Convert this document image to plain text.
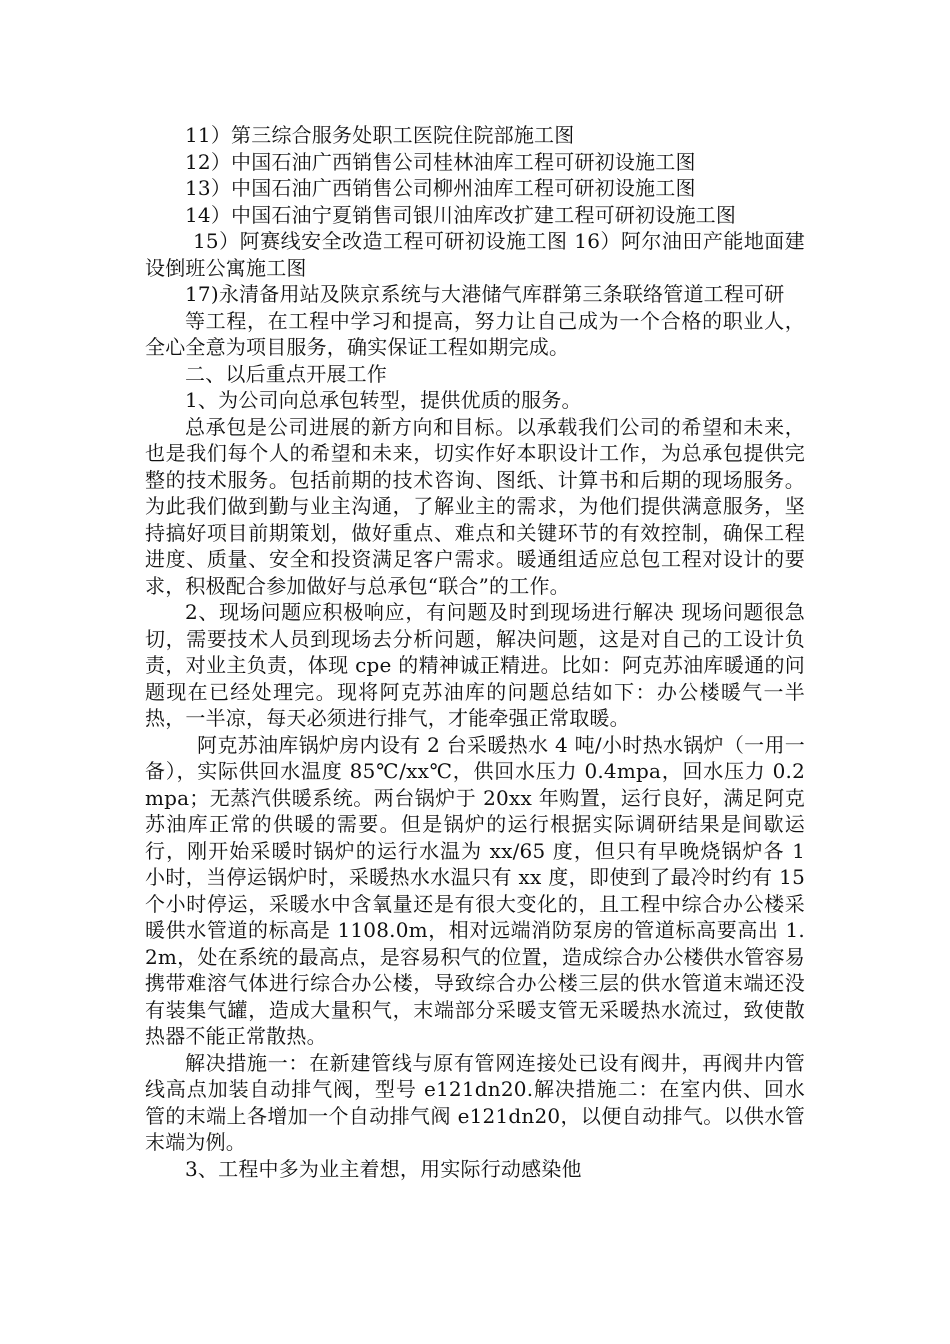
11）第三综合服务处职工医院住院部施工图

12）中国石油广西销售公司桂林油库工程可研初设施工图

13）中国石油广西销售公司柳州油库工程可研初设施工图

14）中国石油宁夏销售司银川油库改扩建工程可研初设施工图

15）阿赛线安全改造工程可研初设施工图 16）阿尔油田产能地面建设倒班公寓施工图

17)永清备用站及陕京系统与大港储气库群第三条联络管道工程可研

等工程，在工程中学习和提高，努力让自己成为一个合格的职业人，全心全意为项目服务，确实保证工程如期完成。

二、以后重点开展工作

1、为公司向总承包转型，提供优质的服务。

总承包是公司进展的新方向和目标。以承载我们公司的希望和未来，也是我们每个人的希望和未来，切实作好本职设计工作，为总承包提供完整的技术服务。包括前期的技术咨询、图纸、计算书和后期的现场服务。为此我们做到勤与业主沟通，了解业主的需求，为他们提供满意服务，坚持搞好项目前期策划，做好重点、难点和关键环节的有效控制，确保工程进度、质量、安全和投资满足客户需求。暖通组适应总包工程对设计的要求，积极配合参加做好与总承包“联合”的工作。

2、现场问题应积极响应，有问题及时到现场进行解决 现场问题很急切，需要技术人员到现场去分析问题，解决问题，这是对自己的工设计负责，对业主负责，体现 cpe 的精神诚正精进。比如：阿克苏油库暖通的问题现在已经处理完。现将阿克苏油库的问题总结如下：办公楼暖气一半热，一半凉，每天必须进行排气，才能牵强正常取暖。

阿克苏油库锅炉房内设有 2 台采暖热水 4 吨/小时热水锅炉（一用一备），实际供回水温度 85℃/xx℃，供回水压力 0.4mpa，回水压力 0.2mpa；无蒸汽供暖系统。两台锅炉于 20xx 年购置，运行良好，满足阿克苏油库正常的供暖的需要。但是锅炉的运行根据实际调研结果是间歇运行，刚开始采暖时锅炉的运行水温为 xx/65 度，但只有早晚烧锅炉各 1 小时，当停运锅炉时，采暖热水水温只有 xx 度，即使到了最冷时约有 15 个小时停运，采暖水中含氧量还是有很大变化的，且工程中综合办公楼采暖供水管道的标高是 1108.0m，相对远端消防泵房的管道标高要高出 1.2m，处在系统的最高点，是容易积气的位置，造成综合办公楼供水管容易携带难溶气体进行综合办公楼，导致综合办公楼三层的供水管道末端还没有装集气罐，造成大量积气，末端部分采暖支管无采暖热水流过，致使散热器不能正常散热。

解决措施一：在新建管线与原有管网连接处已设有阀井，再阀井内管线高点加装自动排气阀，型号 e121dn20.解决措施二：在室内供、回水管的末端上各增加一个自动排气阀 e121dn20，以便自动排气。以供水管末端为例。

3、工程中多为业主着想，用实际行动感染他
